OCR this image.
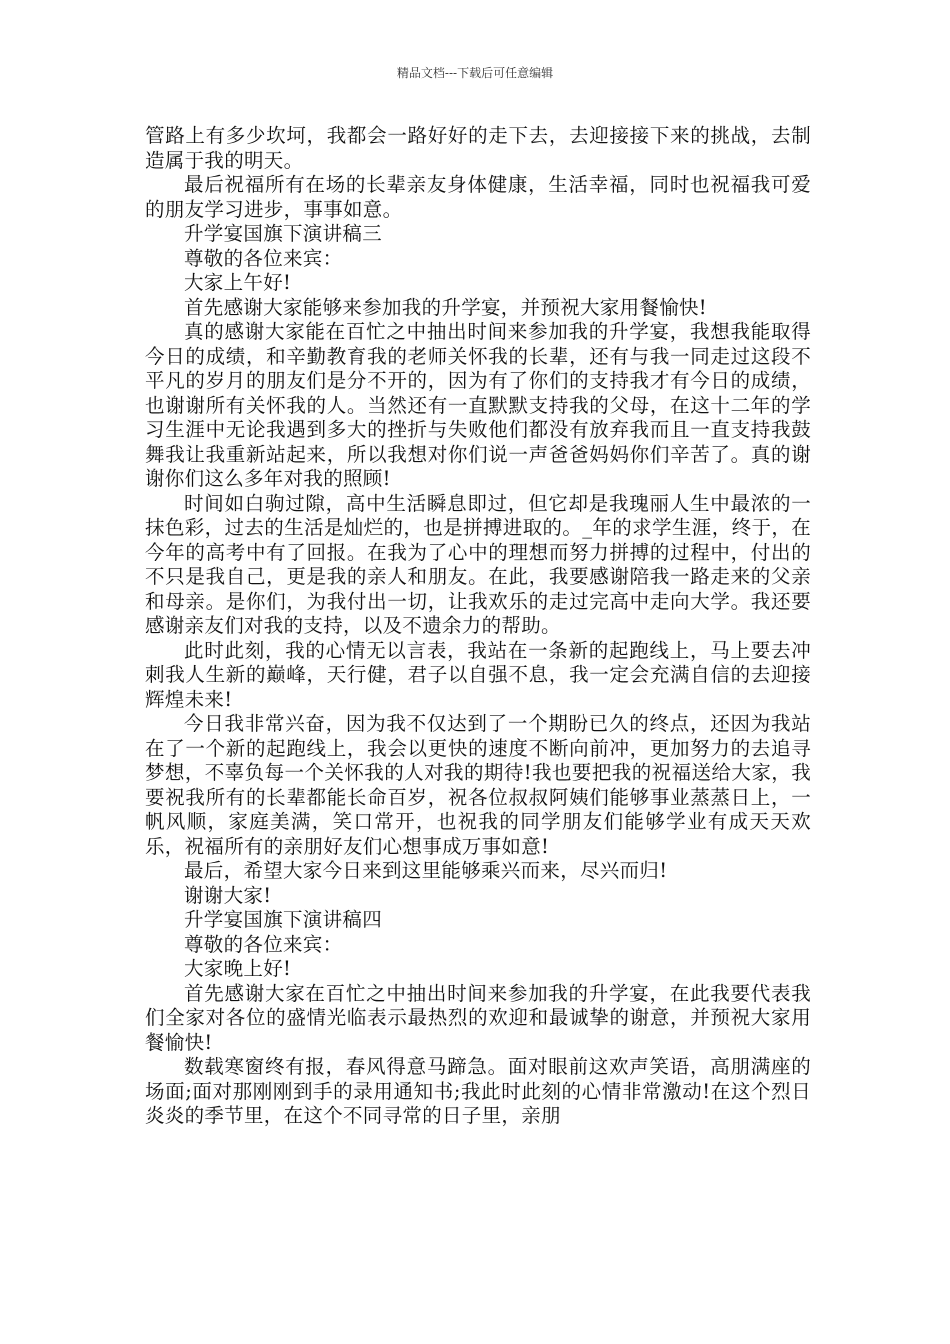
精品文档---下载后可任意编辑

管路上有多少坎坷，我都会一路好好的走下去，去迎接接下来的挑战，去制造属于我的明天。

最后祝福所有在场的长辈亲友身体健康，生活幸福，同时也祝福我可爱的朋友学习进步，事事如意。

升学宴国旗下演讲稿三

尊敬的各位来宾：

大家上午好!

首先感谢大家能够来参加我的升学宴，并预祝大家用餐愉快!

真的感谢大家能在百忙之中抽出时间来参加我的升学宴，我想我能取得今日的成绩，和辛勤教育我的老师关怀我的长辈，还有与我一同走过这段不平凡的岁月的朋友们是分不开的，因为有了你们的支持我才有今日的成绩，也谢谢所有关怀我的人。当然还有一直默默支持我的父母，在这十二年的学习生涯中无论我遇到多大的挫折与失败他们都没有放弃我而且一直支持我鼓舞我让我重新站起来，所以我想对你们说一声爸爸妈妈你们辛苦了。真的谢谢你们这么多年对我的照顾!

时间如白驹过隙，高中生活瞬息即过，但它却是我瑰丽人生中最浓的一抹色彩，过去的生活是灿烂的，也是拼搏进取的。_年的求学生涯，终于，在今年的高考中有了回报。在我为了心中的理想而努力拼搏的过程中，付出的不只是我自己，更是我的亲人和朋友。在此，我要感谢陪我一路走来的父亲和母亲。是你们，为我付出一切，让我欢乐的走过完高中走向大学。我还要感谢亲友们对我的支持，以及不遗余力的帮助。

此时此刻，我的心情无以言表，我站在一条新的起跑线上，马上要去冲刺我人生新的巅峰，天行健，君子以自强不息，我一定会充满自信的去迎接辉煌未来!

今日我非常兴奋，因为我不仅达到了一个期盼已久的终点，还因为我站在了一个新的起跑线上，我会以更快的速度不断向前冲，更加努力的去追寻梦想，不辜负每一个关怀我的人对我的期待!我也要把我的祝福送给大家，我要祝我所有的长辈都能长命百岁，祝各位叔叔阿姨们能够事业蒸蒸日上，一帆风顺，家庭美满，笑口常开，也祝我的同学朋友们能够学业有成天天欢乐，祝福所有的亲朋好友们心想事成万事如意!

最后，希望大家今日来到这里能够乘兴而来，尽兴而归!

谢谢大家!

升学宴国旗下演讲稿四

尊敬的各位来宾：

大家晚上好!

首先感谢大家在百忙之中抽出时间来参加我的升学宴，在此我要代表我们全家对各位的盛情光临表示最热烈的欢迎和最诚挚的谢意，并预祝大家用餐愉快!

数载寒窗终有报，春风得意马蹄急。面对眼前这欢声笑语，高朋满座的场面;面对那刚刚到手的录用通知书;我此时此刻的心情非常激动!在这个烈日炎炎的季节里，在这个不同寻常的日子里，亲朋
